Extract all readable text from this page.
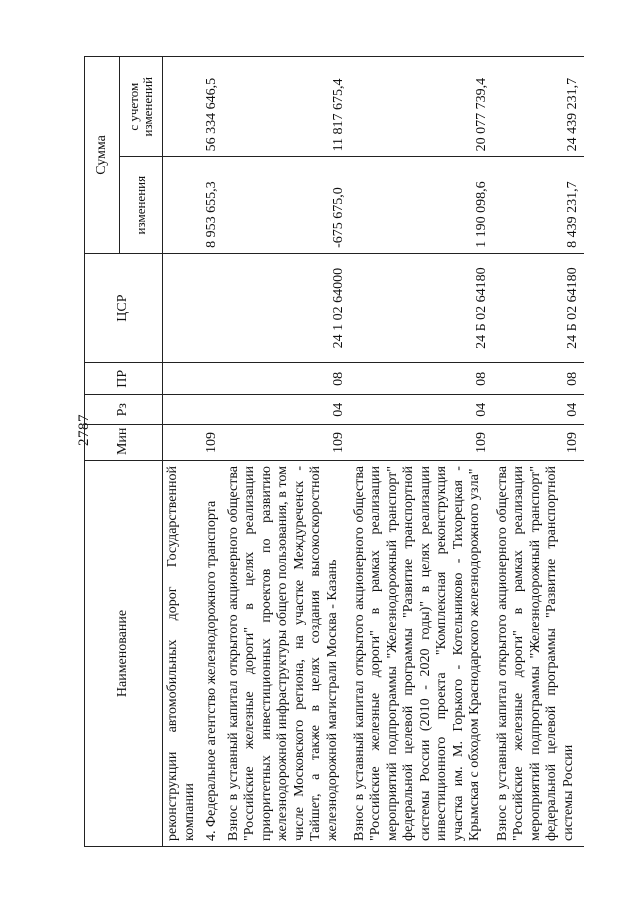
2787
Наименование	Мин	Рз	ПР	ЦСР	Сумма	
					изменения	с учетом изменений
реконструкции автомобильных дорог Государственной компании						
4. Федеральное агентство железнодорожного транспорта	109				8 953 655,3	56 334 646,5
Взнос в уставный капитал открытого акционерного общества "Российские железные дороги" в целях реализации приоритетных инвестиционных проектов по развитию железнодорожной инфраструктуры общего пользования, в том числе Московского региона, на участке Междуреченск - Тайшет, а также в целях создания высокоскоростной железнодорожной магистрали Москва - Казань	109	04	08	24 1 02 64000	-675 675,0	11 817 675,4
Взнос в уставный капитал открытого акционерного общества "Российские железные дороги" в рамках реализации мероприятий подпрограммы "Железнодорожный транспорт" федеральной целевой программы "Развитие транспортной системы России (2010 - 2020 годы)" в целях реализации инвестиционного проекта "Комплексная реконструкция участка им. М. Горького - Котельниково - Тихорецкая - Крымская с обходом Краснодарского железнодорожного узла"	109	04	08	24 Б 02 64180	1 190 098,6	20 077 739,4
Взнос в уставный капитал открытого акционерного общества "Российские железные дороги" в рамках реализации мероприятий подпрограммы "Железнодорожный транспорт" федеральной целевой программы "Развитие транспортной системы России	109	04	08	24 Б 02 64180	8 439 231,7	24 439 231,7
